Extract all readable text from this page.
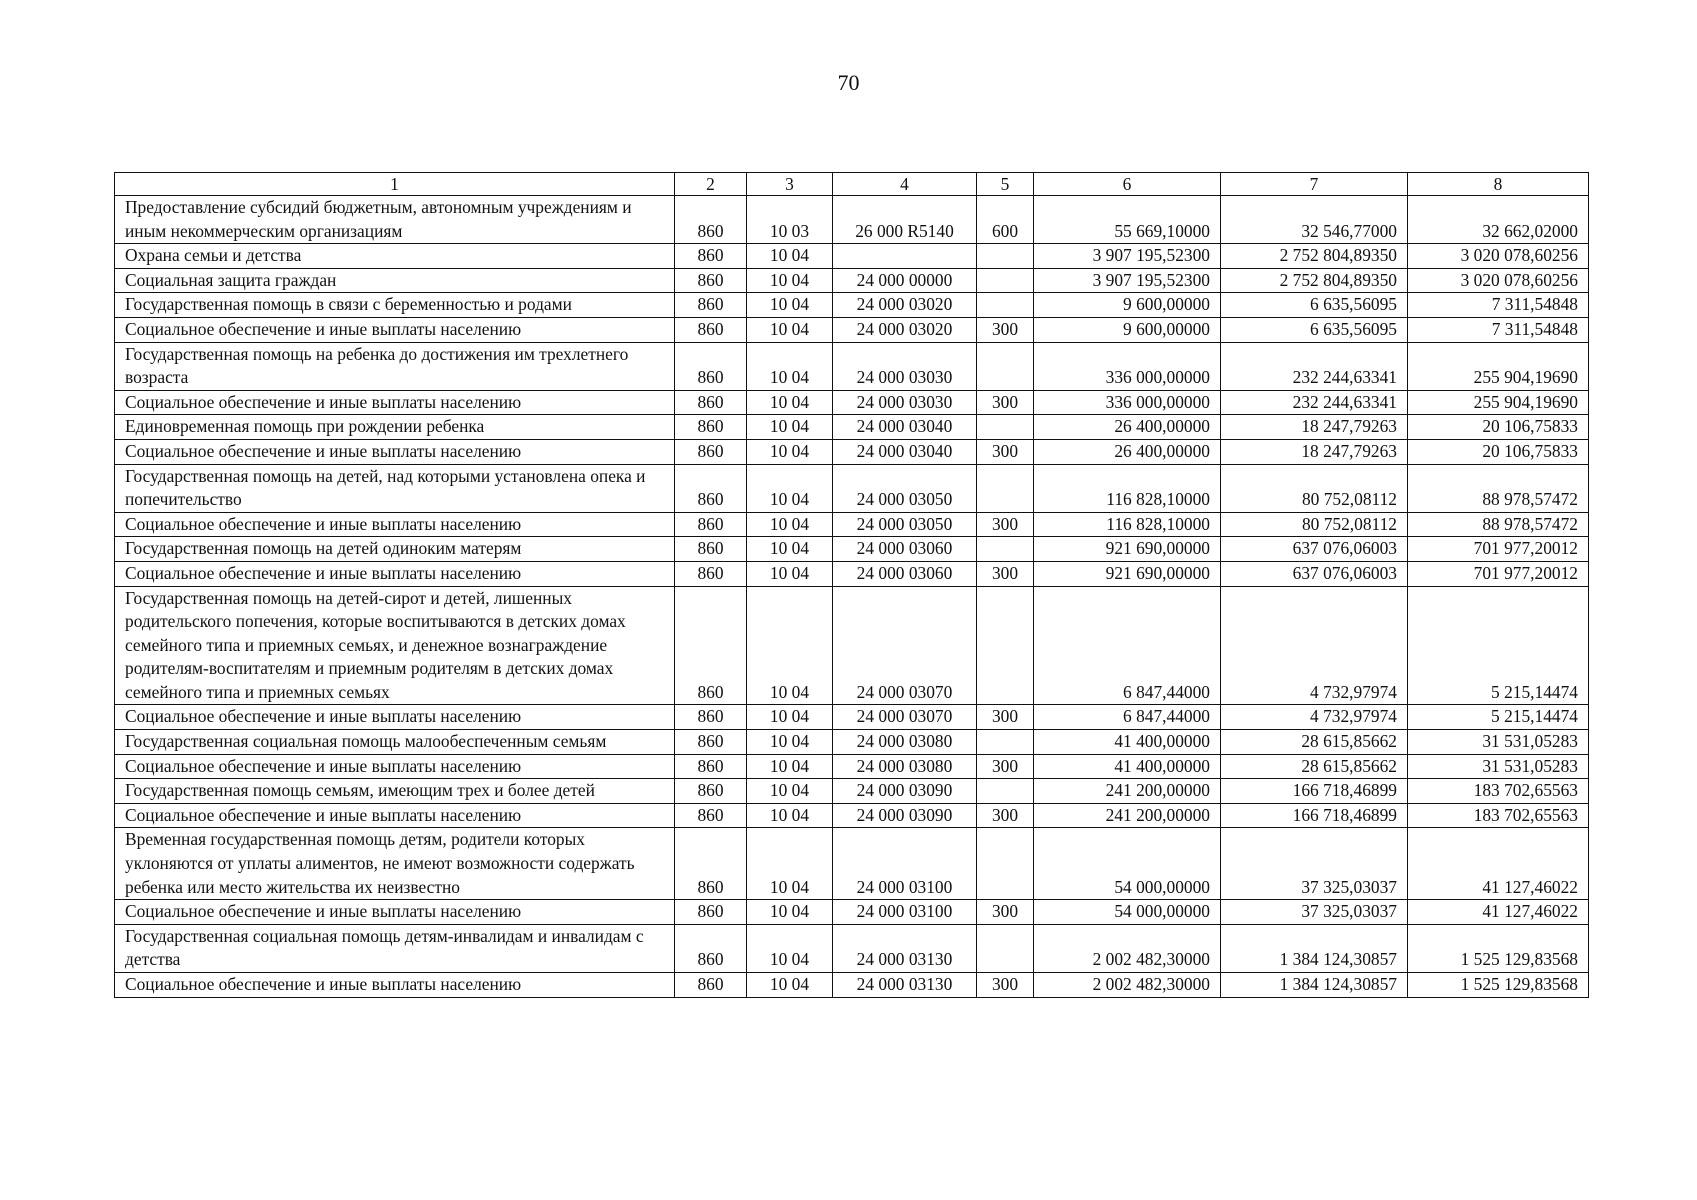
70
1	2	3	4	5	6	7	8
Предоставление субсидий бюджетным, автономным учреждениям и иным некоммерческим организациям	860	10 03	26 000 R5140	600	55 669,10000	32 546,77000	32 662,02000
Охрана семьи и детства	860	10 04			3 907 195,52300	2 752 804,89350	3 020 078,60256
Социальная защита граждан	860	10 04	24 000 00000		3 907 195,52300	2 752 804,89350	3 020 078,60256
Государственная помощь в связи с беременностью и родами	860	10 04	24 000 03020		9 600,00000	6 635,56095	7 311,54848
Социальное обеспечение и иные выплаты населению	860	10 04	24 000 03020	300	9 600,00000	6 635,56095	7 311,54848
Государственная помощь на ребенка до достижения им трехлетнего возраста	860	10 04	24 000 03030		336 000,00000	232 244,63341	255 904,19690
Социальное обеспечение и иные выплаты населению	860	10 04	24 000 03030	300	336 000,00000	232 244,63341	255 904,19690
Единовременная помощь при рождении ребенка	860	10 04	24 000 03040		26 400,00000	18 247,79263	20 106,75833
Социальное обеспечение и иные выплаты населению	860	10 04	24 000 03040	300	26 400,00000	18 247,79263	20 106,75833
Государственная помощь на детей, над которыми установлена опека и попечительство	860	10 04	24 000 03050		116 828,10000	80 752,08112	88 978,57472
Социальное обеспечение и иные выплаты населению	860	10 04	24 000 03050	300	116 828,10000	80 752,08112	88 978,57472
Государственная помощь на детей одиноким матерям	860	10 04	24 000 03060		921 690,00000	637 076,06003	701 977,20012
Социальное обеспечение и иные выплаты населению	860	10 04	24 000 03060	300	921 690,00000	637 076,06003	701 977,20012
Государственная помощь на детей-сирот и детей, лишенных родительского попечения, которые воспитываются в детских домах семейного типа и приемных семьях, и денежное вознаграждение родителям-воспитателям и приемным родителям в детских домах семейного типа и приемных семьях	860	10 04	24 000 03070		6 847,44000	4 732,97974	5 215,14474
Социальное обеспечение и иные выплаты населению	860	10 04	24 000 03070	300	6 847,44000	4 732,97974	5 215,14474
Государственная социальная помощь малообеспеченным семьям	860	10 04	24 000 03080		41 400,00000	28 615,85662	31 531,05283
Социальное обеспечение и иные выплаты населению	860	10 04	24 000 03080	300	41 400,00000	28 615,85662	31 531,05283
Государственная помощь семьям, имеющим трех и более детей	860	10 04	24 000 03090		241 200,00000	166 718,46899	183 702,65563
Социальное обеспечение и иные выплаты населению	860	10 04	24 000 03090	300	241 200,00000	166 718,46899	183 702,65563
Временная государственная помощь детям, родители которых уклоняются от уплаты алиментов, не имеют возможности содержать ребенка или место жительства их неизвестно	860	10 04	24 000 03100		54 000,00000	37 325,03037	41 127,46022
Социальное обеспечение и иные выплаты населению	860	10 04	24 000 03100	300	54 000,00000	37 325,03037	41 127,46022
Государственная социальная помощь детям-инвалидам и инвалидам с детства	860	10 04	24 000 03130		2 002 482,30000	1 384 124,30857	1 525 129,83568
Социальное обеспечение и иные выплаты населению	860	10 04	24 000 03130	300	2 002 482,30000	1 384 124,30857	1 525 129,83568
